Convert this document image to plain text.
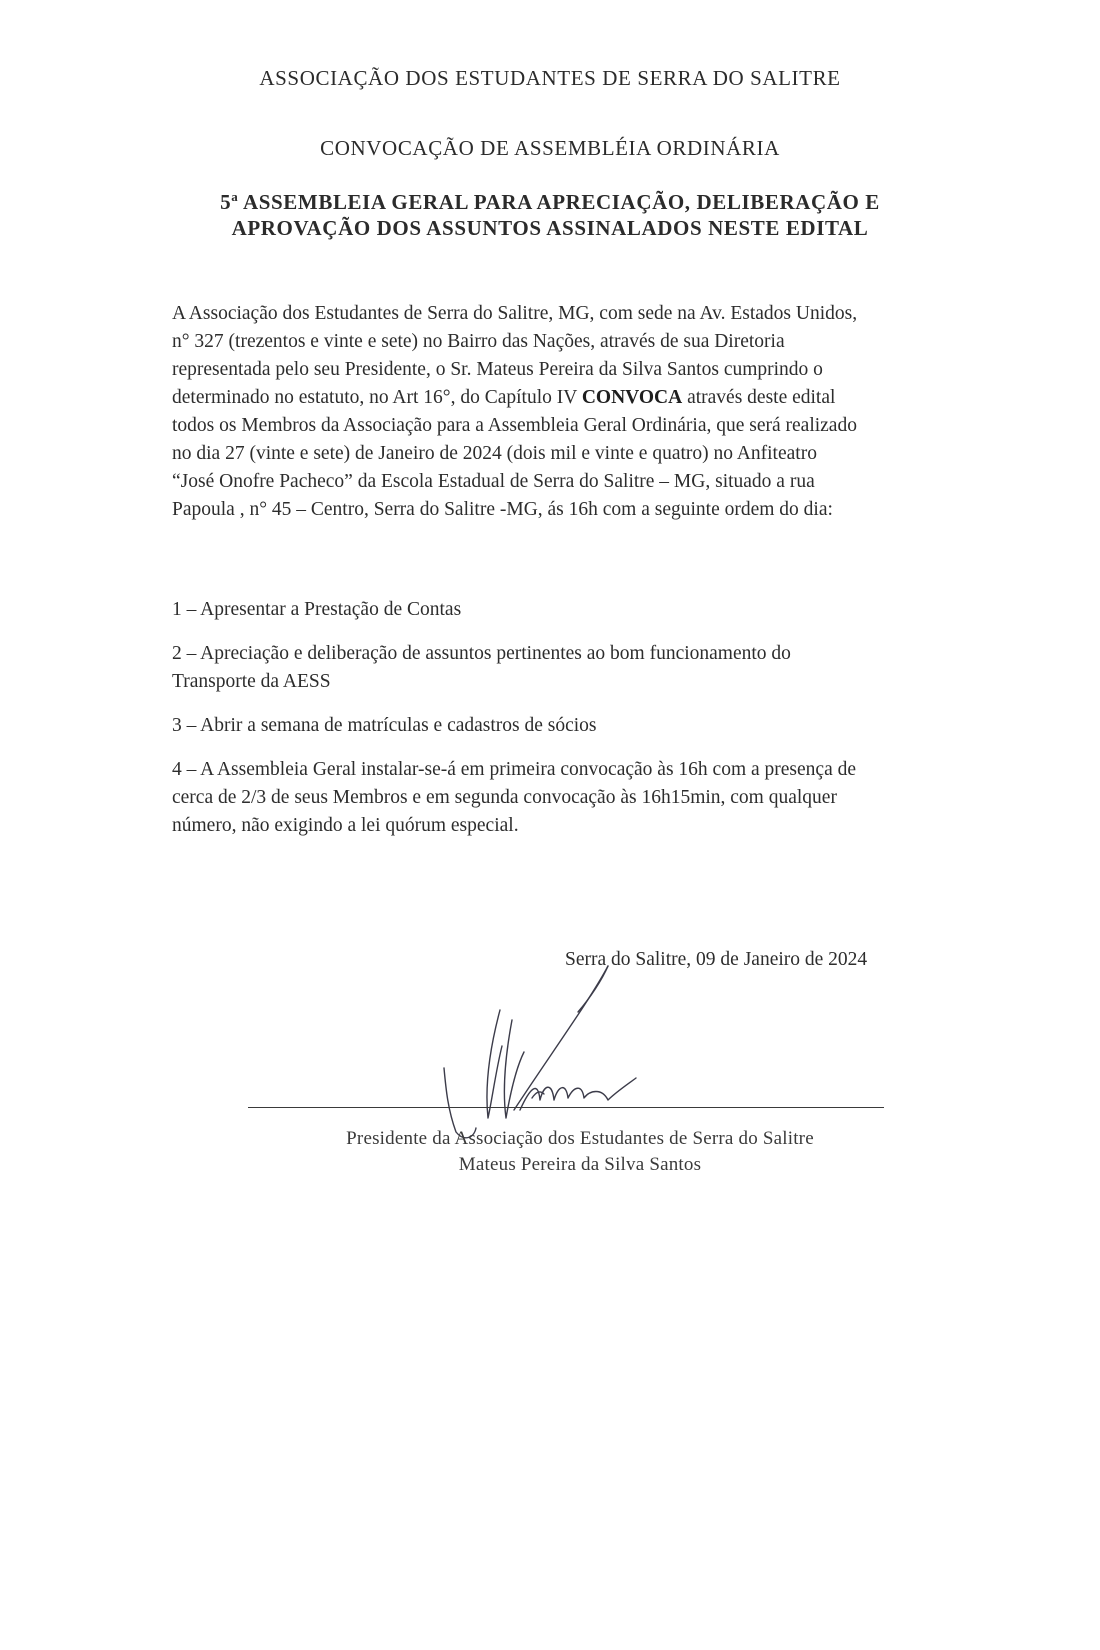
ASSOCIAÇÃO DOS ESTUDANTES DE SERRA DO SALITRE
CONVOCAÇÃO DE ASSEMBLÉIA ORDINÁRIA
5$^a$ ASSEMBLEIA GERAL PARA APRECIAÇÃO, DELIBERAÇÃO E
APROVAÇÃO DOS ASSUNTOS ASSINALADOS NESTE EDITAL
A Associação dos Estudantes de Serra do Salitre, MG, com sede na Av. Estados Unidos,
n° 327 (trezentos e vinte e sete) no Bairro das Nações, através de sua Diretoria
representada pelo seu Presidente, o Sr. Mateus Pereira da Silva Santos cumprindo o
determinado no estatuto, no Art 16°, do Capítulo IV CONVOCA através deste edital
todos os Membros da Associação para a Assembleia Geral Ordinária, que será realizado
no dia 27 (vinte e sete) de Janeiro de 2024 (dois mil e vinte e quatro) no Anfiteatro
“José Onofre Pacheco” da Escola Estadual de Serra do Salitre – MG, situado a rua
Papoula , n° 45 – Centro, Serra do Salitre -MG, ás 16h com a seguinte ordem do dia:
1 – Apresentar a Prestação de Contas
2 – Apreciação e deliberação de assuntos pertinentes ao bom funcionamento do
Transporte da AESS
3 – Abrir a semana de matrículas e cadastros de sócios
4 – A Assembleia Geral instalar-se-á em primeira convocação às 16h com a presença de
cerca de 2/3 de seus Membros e em segunda convocação às 16h15min, com qualquer
número, não exigindo a lei quórum especial.
Serra do Salitre, 09 de Janeiro de 2024
Presidente da Associação dos Estudantes de Serra do Salitre
Mateus Pereira da Silva Santos
